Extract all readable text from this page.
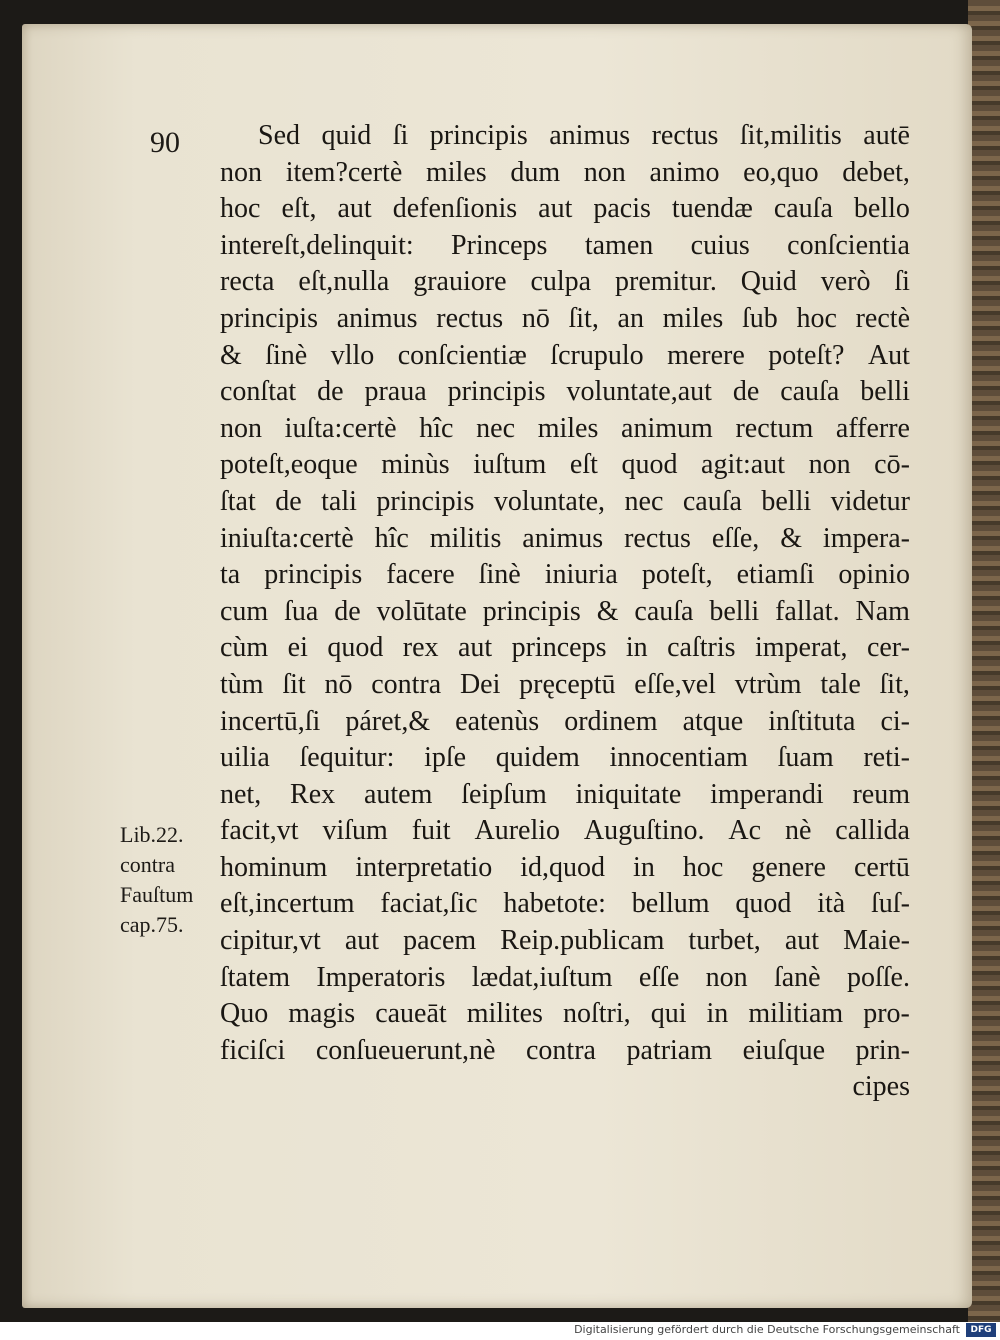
90	Sed quid ſi principis animus rectus ſit,militis autē
non item?certè miles dum non animo eo,quo debet,
hoc eſt, aut defenſionis aut pacis tuendæ cauſa bello
intereſt,delinquit: Princeps tamen cuius conſcientia
recta eſt,nulla grauiore culpa premitur. Quid verò ſi
principis animus rectus nō ſit, an miles ſub hoc rectè
& ſinè vllo conſcientiæ ſcrupulo merere poteſt? Aut
conſtat de praua principis voluntate,aut de cauſa belli
non iuſta:certè hîc nec miles animum rectum afferre
poteſt,eoque minùs iuſtum eſt quod agit:aut non cō-
ſtat de tali principis voluntate, nec cauſa belli videtur
iniuſta:certè hîc militis animus rectus eſſe, & impera-
ta principis facere ſinè iniuria poteſt, etiamſi opinio
cum ſua de volūtate principis & cauſa belli fallat. Nam
cùm ei quod rex aut princeps in caſtris imperat, cer-
tùm ſit nō contra Dei pręceptū eſſe,vel vtrùm tale ſit,
incertū,ſi páret,& eatenùs ordinem atque inſtituta ci-
uilia ſequitur: ipſe quidem innocentiam ſuam reti-
net, Rex autem ſeipſum iniquitate imperandi reum
facit,vt viſum fuit Aurelio Auguſtino. Ac nè callida
hominum interpretatio id,quod in hoc genere certū
eſt,incertum faciat,ſic habetote: bellum quod ità ſuſ-
cipitur,vt aut pacem Reip.publicam turbet, aut Maie-
ſtatem Imperatoris lædat,iuſtum eſſe non ſanè poſſe.
Quo magis caueāt milites noſtri, qui in militiam pro-
ficiſci conſueuerunt,nè contra patriam eiuſque prin-
cipes
Lib.22.
contra
Fauſtum
cap.75.
Digitalisierung gefördert durch die Deutsche Forschungsgemeinschaft	DFG
